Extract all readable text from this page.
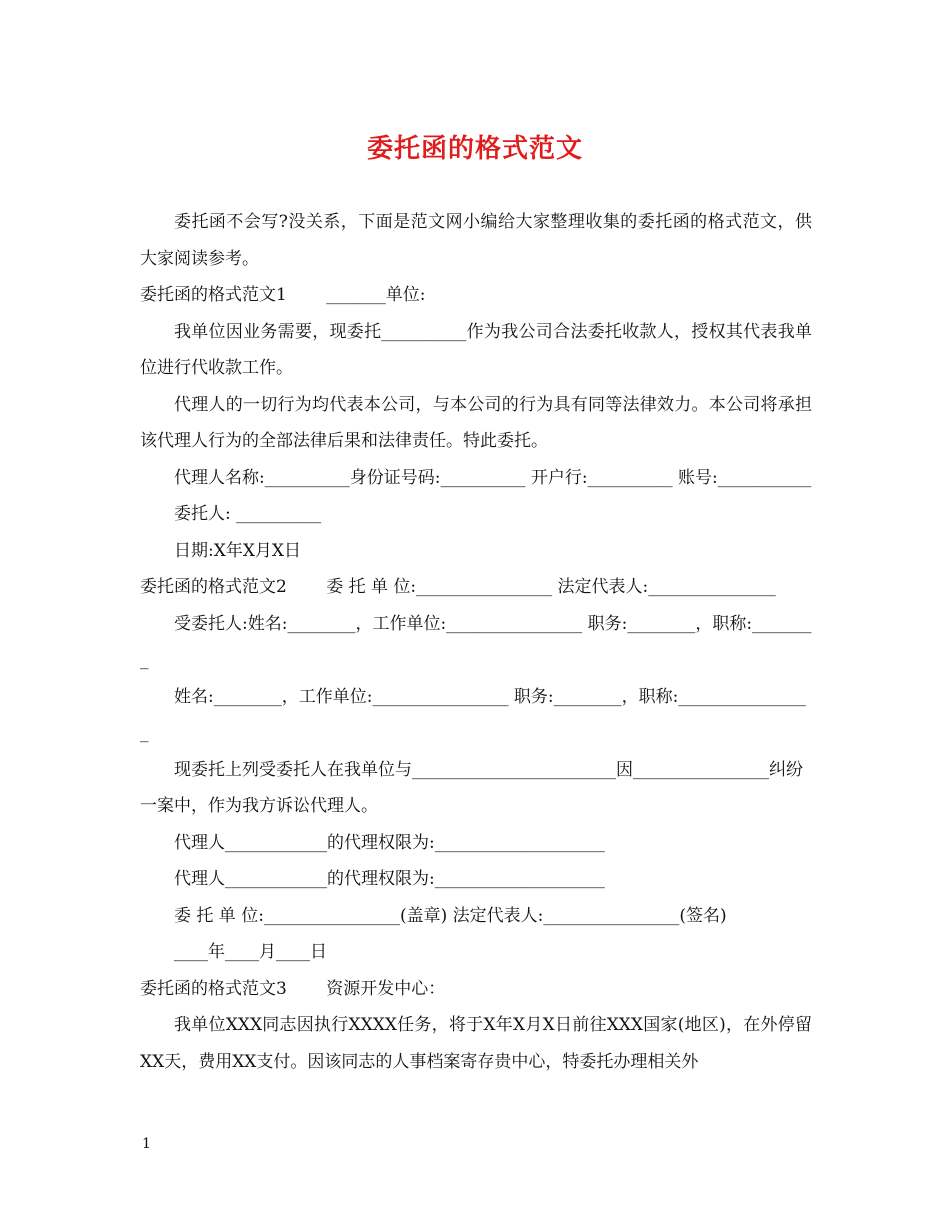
委托函的格式范文

委托函不会写?没关系，下面是范文网小编给大家整理收集的委托函的格式范文，供大家阅读参考。

委托函的格式范文1　　 _______单位:

我单位因业务需要，现委托__________作为我公司合法委托收款人，授权其代表我单位进行代收款工作。

代理人的一切行为均代表本公司，与本公司的行为具有同等法律效力。本公司将承担该代理人行为的全部法律后果和法律责任。特此委托。

代理人名称:__________身份证号码:__________ 开户行:__________ 账号:___________

委托人: __________

日期:X年X月X日

委托函的格式范文2　　 委 托 单 位:________________ 法定代表人:_______________

受委托人:姓名:________，工作单位:________________ 职务:________，职称:________

姓名:________，工作单位:________________ 职务:________，职称:________________

现委托上列受委托人在我单位与________________________因________________纠纷一案中，作为我方诉讼代理人。

代理人____________的代理权限为:____________________

代理人____________的代理权限为:____________________

委 托 单 位:________________(盖章) 法定代表人:________________(签名)

____年____月____日

委托函的格式范文3　　 资源开发中心：

我单位XXX同志因执行XXXX任务，将于X年X月X日前往XXX国家(地区)，在外停留XX天，费用XX支付。因该同志的人事档案寄存贵中心，特委托办理相关外

1
